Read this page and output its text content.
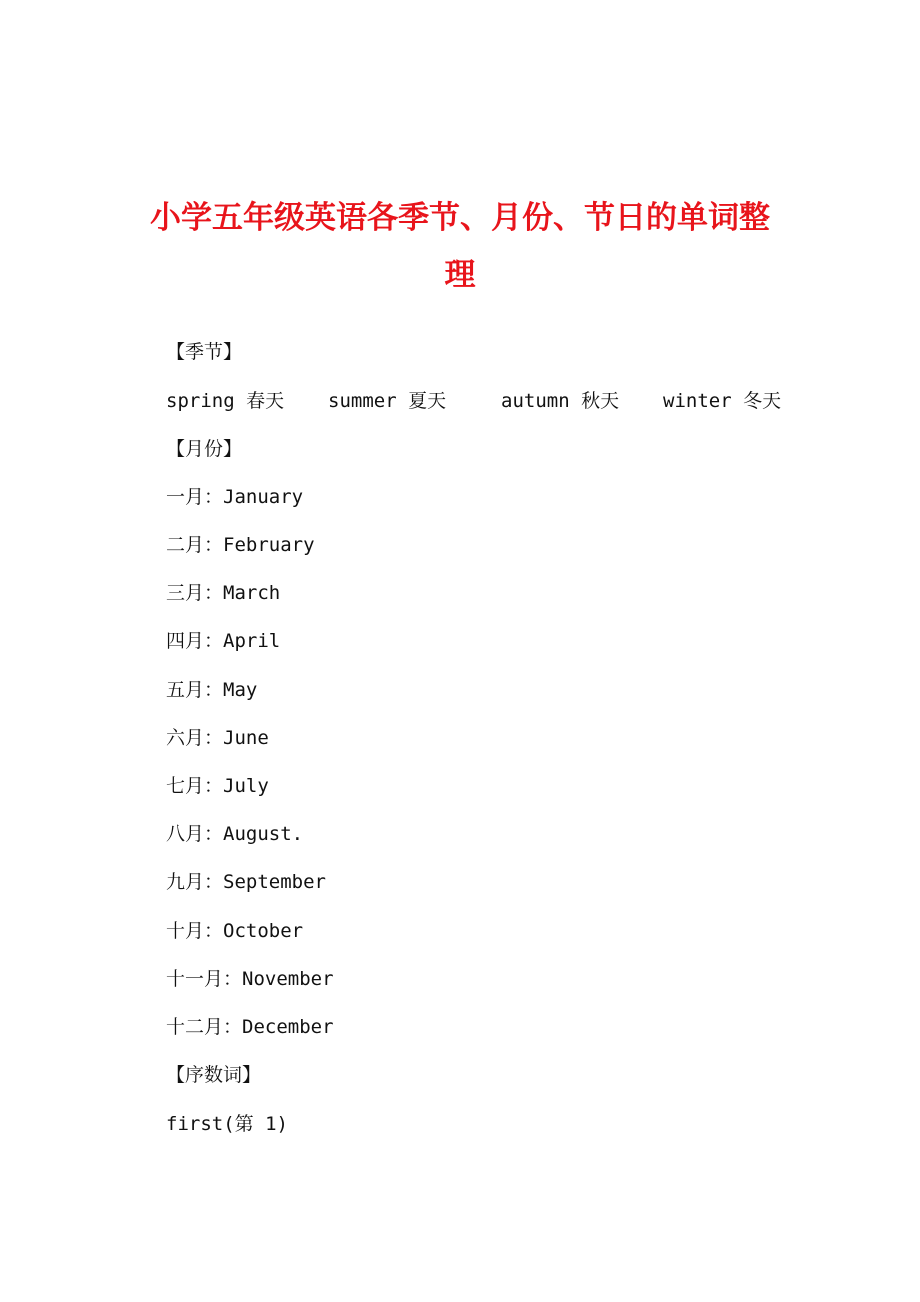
小学五年级英语各季节、月份、节日的单词整
理

【季节】

spring 春天

summer 夏天

	autumn 秋天

winter 冬天

【月份】

一月：January

二月：February

三月：March

四月：April

五月：May

六月：June

七月：July

八月：August.

九月：September

十月：October

十一月：November

十二月：December

【序数词】

first(第 1)
